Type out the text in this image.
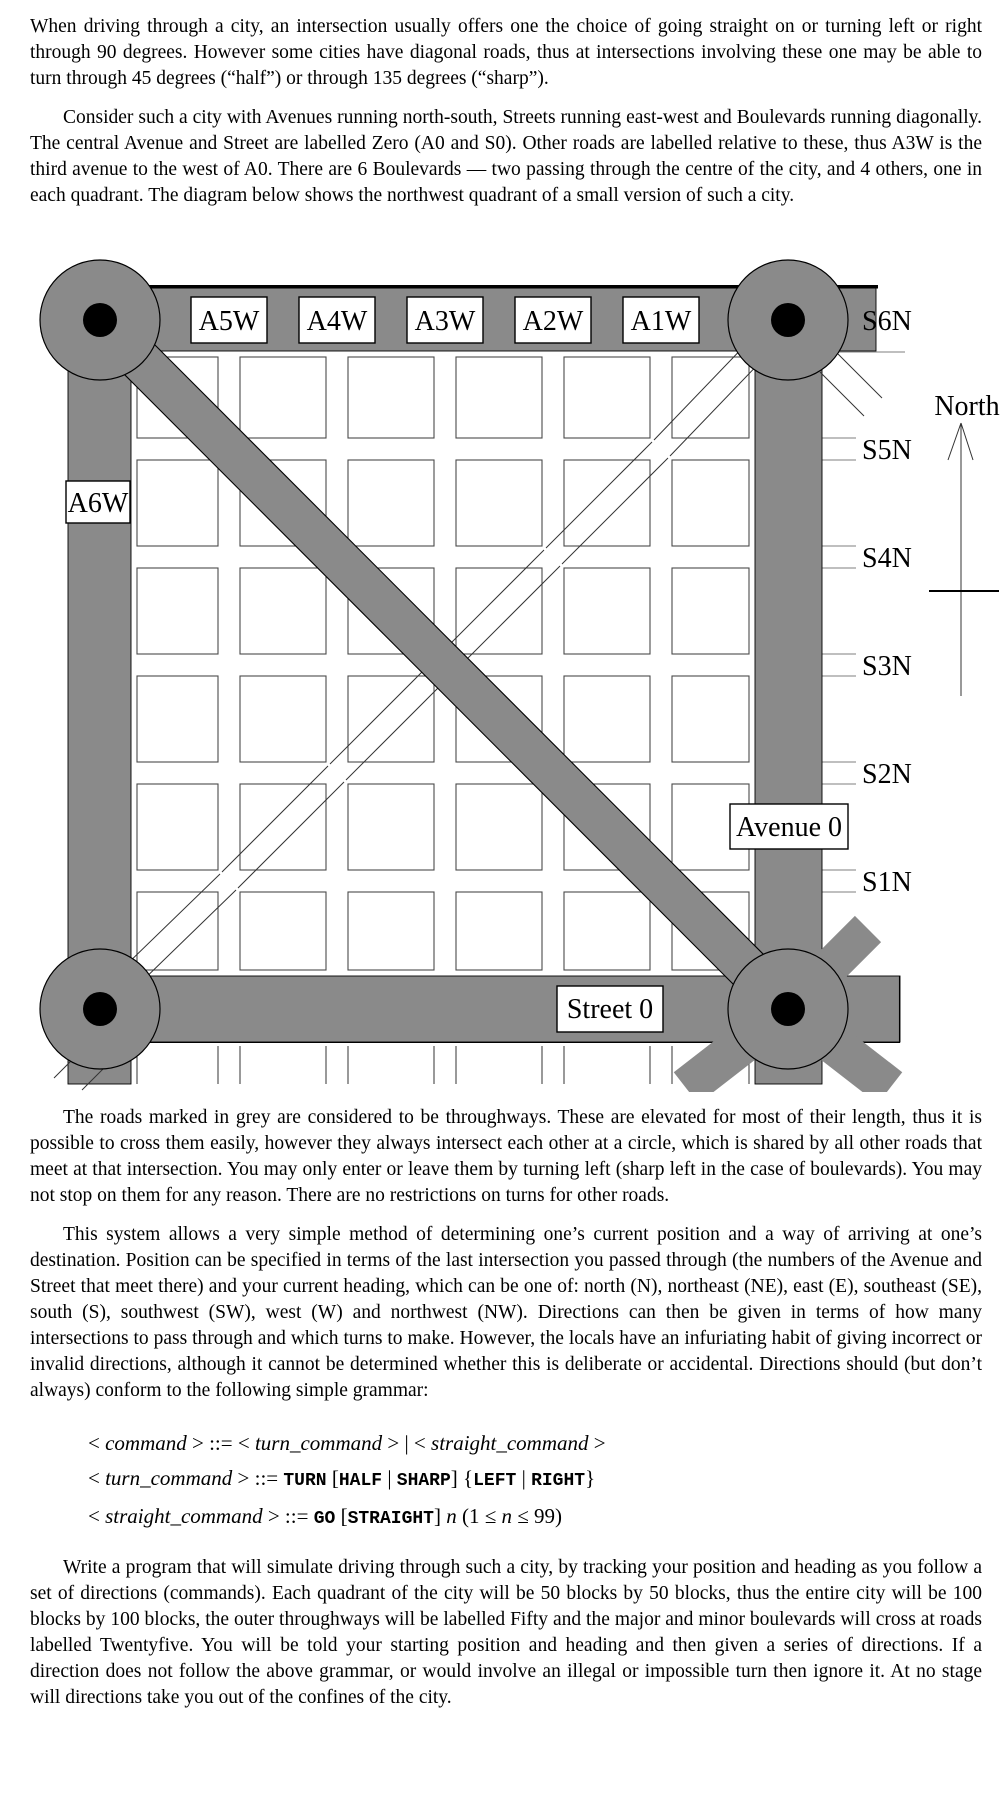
When driving through a city, an intersection usually offers one the choice of going straight on or turning left or right through 90 degrees. However some cities have diagonal roads, thus at intersections involving these one may be able to turn through 45 degrees (“half”) or through 135 degrees (“sharp”).

Consider such a city with Avenues running north-south, Streets running east-west and Boulevards running diagonally. The central Avenue and Street are labelled Zero (A0 and S0). Other roads are labelled relative to these, thus A3W is the third avenue to the west of A0. There are 6 Boulevards — two passing through the centre of the city, and 4 others, one in each quadrant. The diagram below shows the northwest quadrant of a small version of such a city.

A5W A4W A3W A2W A1W
A6W
Avenue 0
Street 0
S6N
S5N
S4N
S3N
S2N
S1N
North

The roads marked in grey are considered to be throughways. These are elevated for most of their length, thus it is possible to cross them easily, however they always intersect each other at a circle, which is shared by all other roads that meet at that intersection. You may only enter or leave them by turning left (sharp left in the case of boulevards). You may not stop on them for any reason. There are no restrictions on turns for other roads.

This system allows a very simple method of determining one’s current position and a way of arriving at one’s destination. Position can be specified in terms of the last intersection you passed through (the numbers of the Avenue and Street that meet there) and your current heading, which can be one of: north (N), northeast (NE), east (E), southeast (SE), south (S), southwest (SW), west (W) and northwest (NW). Directions can then be given in terms of how many intersections to pass through and which turns to make. However, the locals have an infuriating habit of giving incorrect or invalid directions, although it cannot be determined whether this is deliberate or accidental. Directions should (but don’t always) conform to the following simple grammar:

< command > ::= < turn_command > | < straight_command >
< turn_command > ::= TURN [HALF | SHARP] {LEFT | RIGHT}
< straight_command > ::= GO [STRAIGHT] n (1 ≤ n ≤ 99)

Write a program that will simulate driving through such a city, by tracking your position and heading as you follow a set of directions (commands). Each quadrant of the city will be 50 blocks by 50 blocks, thus the entire city will be 100 blocks by 100 blocks, the outer throughways will be labelled Fifty and the major and minor boulevards will cross at roads labelled Twentyfive. You will be told your starting position and heading and then given a series of directions. If a direction does not follow the above grammar, or would involve an illegal or impossible turn then ignore it. At no stage will directions take you out of the confines of the city.
